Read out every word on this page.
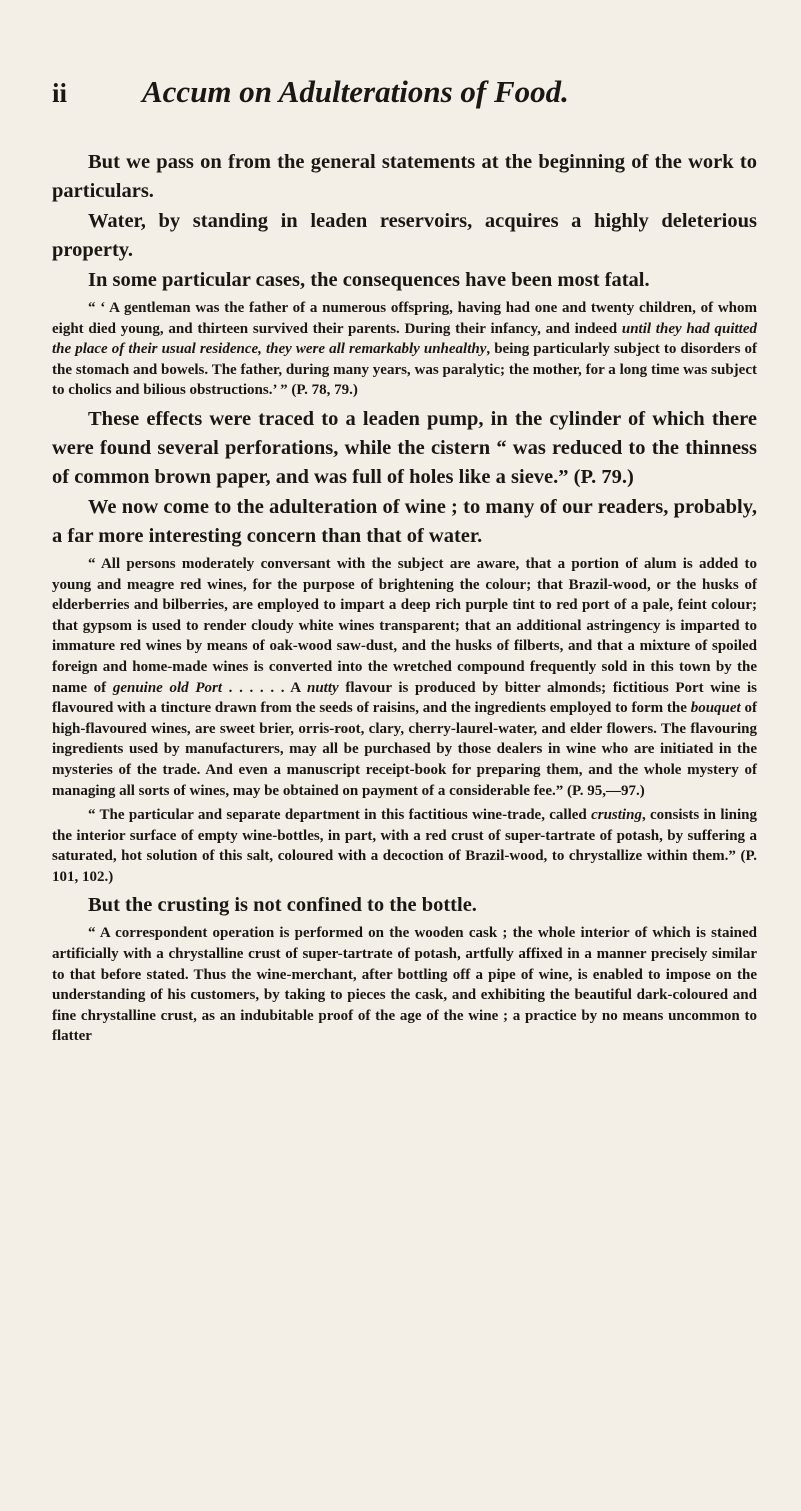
ii Accum on Adulterations of Food.

But we pass on from the general statements at the beginning of the work to particulars.

Water, by standing in leaden reservoirs, acquires a highly deleterious property.

In some particular cases, the consequences have been most fatal.

“ ‘ A gentleman was the father of a numerous offspring, having had one and twenty children, of whom eight died young, and thirteen survived their parents. During their infancy, and indeed until they had quitted the place of their usual residence, they were all remarkably unhealthy, being particularly subject to disorders of the stomach and bowels. The father, during many years, was paralytic; the mother, for a long time was subject to cholics and bilious obstructions.’ ” (P. 78, 79.)

These effects were traced to a leaden pump, in the cylinder of which there were found several perforations, while the cistern “ was reduced to the thinness of common brown paper, and was full of holes like a sieve.” (P. 79.)

We now come to the adulteration of wine ; to many of our readers, probably, a far more interesting concern than that of water.

“ All persons moderately conversant with the subject are aware, that a portion of alum is added to young and meagre red wines, for the purpose of brightening the colour; that Brazil-wood, or the husks of elderberries and bilberries, are employed to impart a deep rich purple tint to red port of a pale, feint colour; that gypsom is used to render cloudy white wines transparent; that an additional astringency is imparted to immature red wines by means of oak-wood saw-dust, and the husks of filberts, and that a mixture of spoiled foreign and home-made wines is converted into the wretched compound frequently sold in this town by the name of genuine old Port . . . . . . A nutty flavour is produced by bitter almonds; fictitious Port wine is flavoured with a tincture drawn from the seeds of raisins, and the ingredients employed to form the bouquet of high-flavoured wines, are sweet brier, orris-root, clary, cherry-laurel-water, and elder flowers. The flavouring ingredients used by manufacturers, may all be purchased by those dealers in wine who are initiated in the mysteries of the trade. And even a manuscript receipt-book for preparing them, and the whole mystery of managing all sorts of wines, may be obtained on payment of a considerable fee.” (P. 95,—97.)

“ The particular and separate department in this factitious wine-trade, called crusting, consists in lining the interior surface of empty wine-bottles, in part, with a red crust of super-tartrate of potash, by suffering a saturated, hot solution of this salt, coloured with a decoction of Brazil-wood, to chrystallize within them.” (P. 101, 102.)

But the crusting is not confined to the bottle.

“ A correspondent operation is performed on the wooden cask ; the whole interior of which is stained artificially with a chrystalline crust of super-tartrate of potash, artfully affixed in a manner precisely similar to that before stated. Thus the wine-merchant, after bottling off a pipe of wine, is enabled to impose on the understanding of his customers, by taking to pieces the cask, and exhibiting the beautiful dark-coloured and fine chrystalline crust, as an indubitable proof of the age of the wine ; a practice by no means uncommon to flatter
